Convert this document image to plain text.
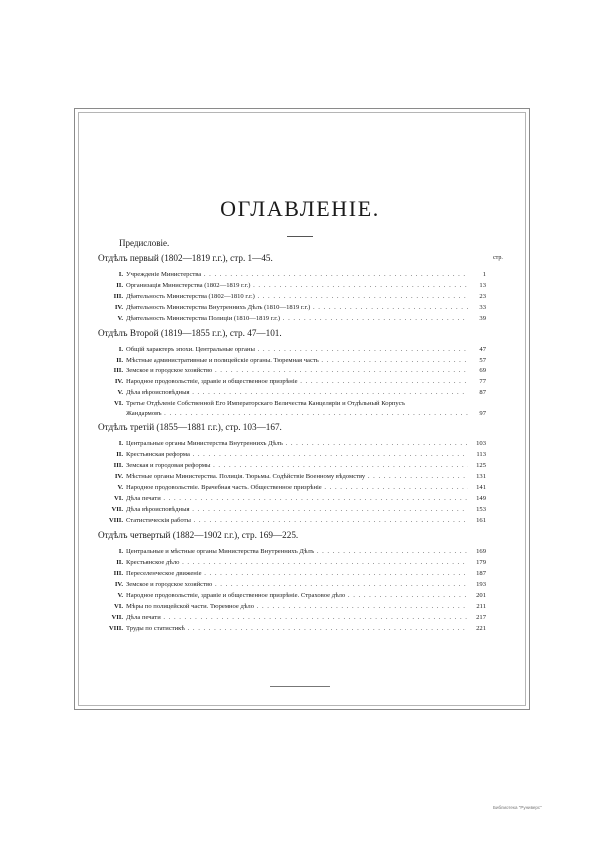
ОГЛАВЛЕНIЕ.
Предисловіе.
Отдѣлъ первый (1802—1819 г.г.), стр. 1—45.	стр.
I. Учрежденіе Министерства . . .	1
II. Организація Министерства (1802—1819 г.г.) . . .	13
III. Дѣятельность Министерства (1802—1810 г.г.) . . .	23
IV. Дѣятельность Министерства Внутреннихъ Дѣлъ (1810—1819 г.г.) . . .	33
V. Дѣятельность Министерства Полиціи (1810—1819 г.г.) . . .	39
Отдѣлъ Второй (1819—1855 г.г.), стр. 47—101.
I. Общій характеръ эпохи. Центральные органы . . .	47
II. Мѣстные административные и полицейскіе органы. Тюремная часть . . .	57
III. Земское и городское хозяйство . . .	69
IV. Народное продовольствіе, здравіе и общественное призрѣніе . . .	77
V. Дѣла вѣроисповѣдныя . . .	87
VI. Третье Отдѣленіе Собственной Его Императорскаго Величества Канцеляріи и Отдѣльный Корпусъ
Жандармовъ . . .	97
Отдѣлъ третій (1855—1881 г.г.), стр. 103—167.
I. Центральные органы Министерства Внутреннихъ Дѣлъ . . .	103
II. Крестьянская реформа . . .	113
III. Земская и городовая реформы . . .	125
IV. Мѣстные органы Министерства. Полиція. Тюрьмы. Содѣйствіе Военному вѣдомству . . .	131
V. Народное продовольствіе. Врачебная часть. Общественное призрѣніе . . .	141
VI. Дѣла печати . . .	149
VII. Дѣла вѣроисповѣдныя . . .	153
VIII. Статистическія работы . . .	161
Отдѣлъ четвертый (1882—1902 г.г.), стр. 169—225.
I. Центральные и мѣстные органы Министерства Внутреннихъ Дѣлъ . . .	169
II. Крестьянское дѣло . . .	179
III. Переселенческое движеніе . . .	187
IV. Земское и городское хозяйство . . .	193
V. Народное продовольствіе, здравіе и общественное призрѣніе. Страховое дѣло . . .	201
VI. Мѣры по полицейской части. Тюремное дѣло . . .	211
VII. Дѣла печати . . .	217
VIII. Труды по статистикѣ . . .	221
Библиотека "Руниверс"
